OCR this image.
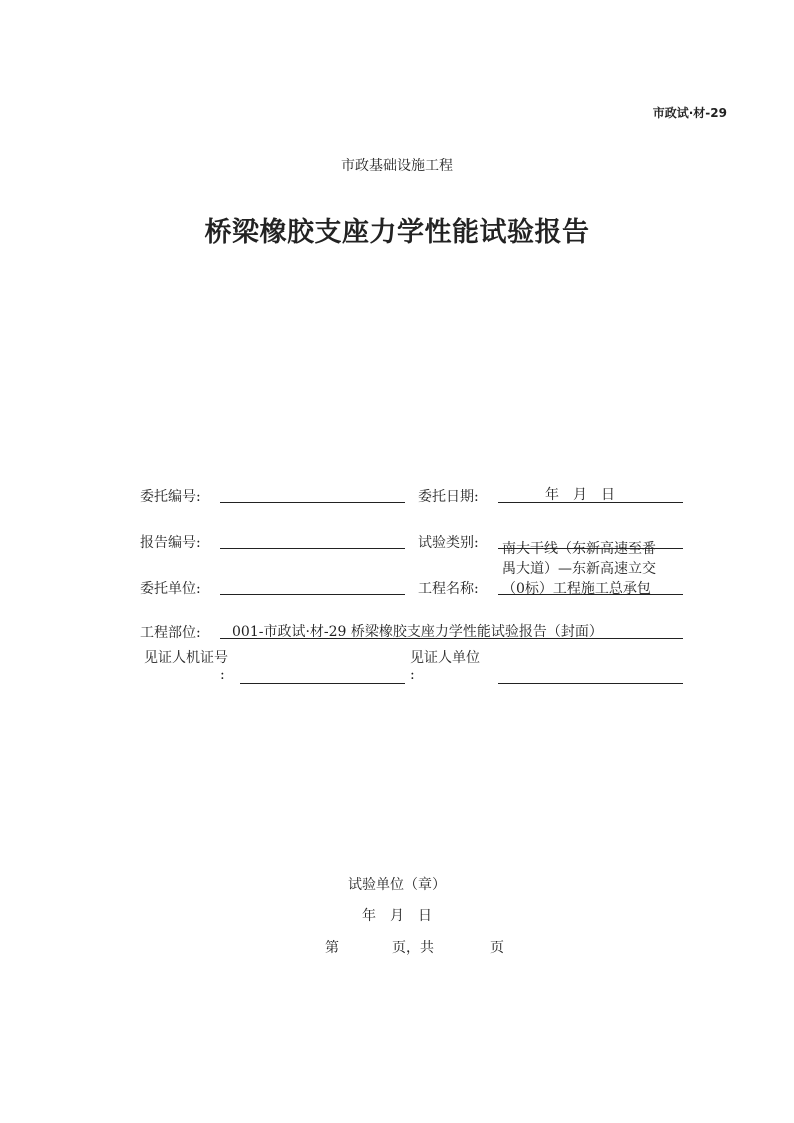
市政试·材-29
市政基础设施工程
桥梁橡胶支座力学性能试验报告
委托编号:	委托日期:	年　月　日
报告编号:	试验类别:
委托单位:	工程名称:
南大干线（东新高速至番
禺大道）—东新高速立交
（0标）工程施工总承包
工程部位: 001-市政试·材-29 桥梁橡胶支座力学性能试验报告（封面）
见证人机证号
:
见证人单位
:
试验单位（章）
年　月　日
第	页，共	页
